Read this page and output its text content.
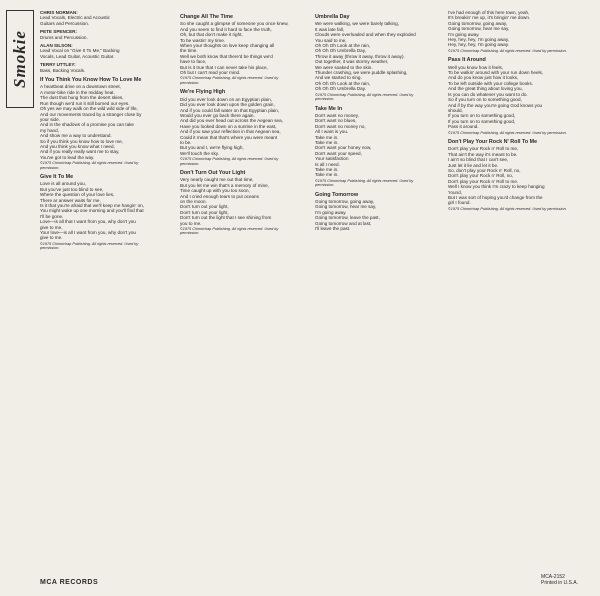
Smokie
CHRIS NORMAN:
Lead Vocals, Electric and Acoustic
Guitars and Percussion.
PETE SPENCER:
Drums and Percussion.
ALAN SILSON:
Lead Vocal on "Give It To Me," Backing
Vocals, Lead Guitar, Acoustic Guitar.
TERRY UTTLEY:
Bass, Backing Vocals.
If You Think You Know How To Love Me
A heartbeat drive on a downtown street,
A motor-bike ride in the midday heat.
The dust that hung from the desert skies,
Run though we'd run it still burned our eyes.
Oh yes we may walk on the wild wild side of life,
And our movements traced by a stranger close by
your side.
And in the shadows of a promise you can take
my hand,
And show me a way to understand.
So if you think you know how to love me,
And you think you know what I need,
And if you really really want me to stay,
You've got to lead the way.
©1975 Chinnichap Publishing. All rights reserved. Used by permission.
Give It To Me
Love is all around you,
But you've just too blind to see,
Where the question of your love lies,
There ar answer waits for me.
Is it that you're afraid that we'll keep me hangin' on,
You might wake up one morning and you'll find that
I'll be gone.
Love—is all that I want from you, why don't you
give to me,
Your love—is all I want from you, why don't you
give to me.
©1975 Chinnichap Publishing. All rights reserved. Used by permission.
Change All The Time
So she caught a glimpse of someone you once knew,
And you seem to find it hard to face the truth,
Oh, but that don't make it right,
To be wastin' my time.
When your thoughts on love keep changing all
the time.
Well we both know that there'd be things we'd
have to face,
But is it true that I can never take his place,
Oh but I can't read your mind.
©1975 Chinnichap Publishing. All rights reserved. Used by permission.
We're Flying High
Did you ever look down on an Egyptian plain,
Did you ever look down upon the golden grain,
And if you could fall water on that Egyptian plain,
Would you ever go back there again.
And did you ever head out across the Aegean sea,
Have you looked down on a sunrise in the east,
And if you saw your reflection in that Aegean sea,
Could it mean that that's where you were meant
to be.
But you and I, we're flying high,
We'll touch the sky.
©1975 Chinnichap Publishing. All rights reserved. Used by permission.
Don't Turn Out Your Light
Very nearly caught me out that time,
But you let me win that's a memory of mine,
Time caught up with you too soon,
And I cried enough tears to put oceans
on the moon.
Don't turn out your light,
Don't turn out your light,
Don't turn out the light that I see shining from
you to me.
©1975 Chinnichap Publishing. All rights reserved. Used by permission.
Umbrella Day
We were walking, we were barely talking,
It was late fall,
Clouds were overloaded and when they exploded
You said to me,
Oh Oh Oh Look at the rain,
Oh Oh Oh Umbrella Day,
Throw it away (throw it away, throw it away).
Out together, it was stormy weather,
We were soaked to the skin.
Thunder crashing, we were puddle splashing,
And we started to sing.
Oh Oh Oh Look at the rain,
Oh Oh Oh Umbrella Day.
©1975 Chinnichap Publishing. All rights reserved. Used by permission.
Take Me In
Don't want no money,
Don't want no blues,
Don't want no money no,
All I want is you.
Take me in.
Take me in.
Don't want your honey now,
Don't want your speed,
Your satisfaction
Is all I need.
Take me in.
Take me in.
©1975 Chinnichap Publishing. All rights reserved. Used by permission.
Going Tomorrow
Going tomorrow, going away,
Going tomorrow, hear me say,
I'm going away.
Going tomorrow, leave the past,
Going tomorrow and at last,
I'll leave the past.
I've had enough of this here town, yeah,
It's breakin' me up, it's bringin' me down.
Going tomorrow, going away,
Going tomorrow, hear me say,
I'm going away.
Hey, hey, hey, I'm going away,
Hey, hey, hey, I'm going away.
©1975 Chinnichap Publishing. All rights reserved. Used by permission.
Pass It Around
Well you know how it feels,
To be walkin' around with your run down heels,
And do you know just how it looks,
To be left outside with your college books.
And the great thing about loving you,
Is you can do whatever you want to do.
So if you turn on to something good,
And if by the way you're going God knows you
should,
If you turn on to something good,
If you turn on to something good,
Pass it around.
©1975 Chinnichap Publishing. All rights reserved. Used by permission.
Don't Play Your Rock N' Roll To Me
Don't play your Rock n' Roll to me,
That ain't the way it's meant to be.
I ain't so blind that I can't see,
Just let it lie and let it be.
So, don't play your Rock n' Roll, no,
Don't play your Rock n' Roll, no,
Don't play your Rock n' Roll to me.
Well I know you think I'm crazy to keep hanging
'round,
But I was sort of hoping you'd change from the
girl I found.
©1975 Chinnichap Publishing. All rights reserved. Used by permission.
MCA RECORDS
MCA-2152
Printed in U.S.A.
